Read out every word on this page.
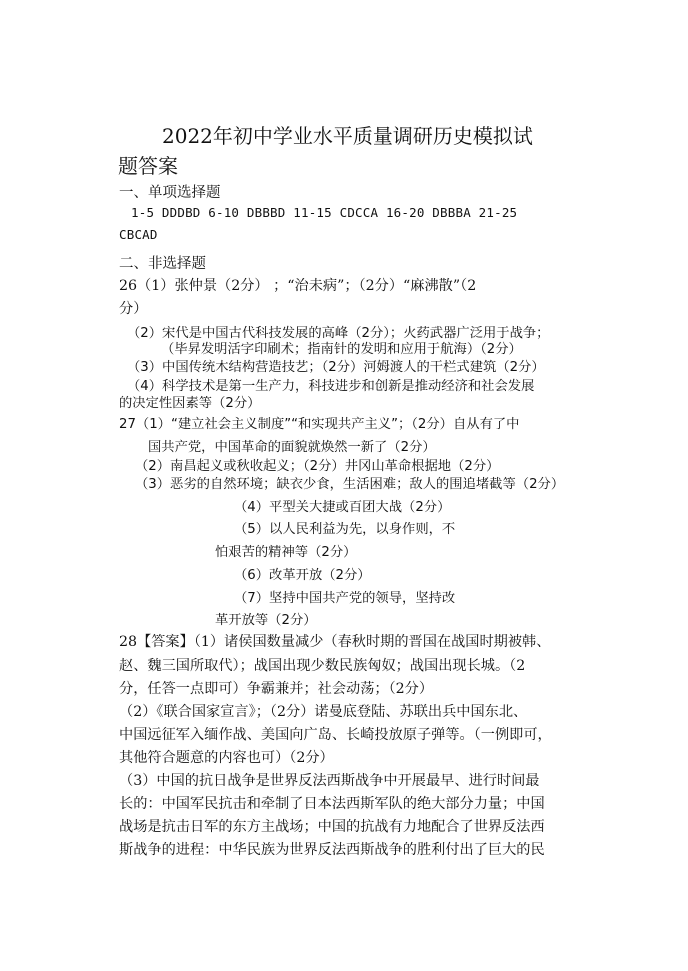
2022年初中学业水平质量调研历史模拟试
题答案
一、单项选择题
1-5 DDDBD 6-10 DBBBD 11-15 CDCCA 16-20 DBBBA 21-25
CBCAD
二、非选择题
26（1）张仲景（2分） ；“治未病”；（2分）“麻沸散”（2
分）
（2）宋代是中国古代科技发展的高峰（2分）；火药武器广泛用于战争；
（毕昇发明活字印刷术；指南针的发明和应用于航海）（2分）
（3）中国传统木结构营造技艺；（2分）河姆渡人的干栏式建筑（2分）
（4）科学技术是第一生产力，科技进步和创新是推动经济和社会发展
的决定性因素等（2分）
27（1）“建立社会主义制度”“和实现共产主义”；（2分）自从有了中
国共产党，中国革命的面貌就焕然一新了（2分）
（2）南昌起义或秋收起义；（2分）井冈山革命根据地（2分）
（3）恶劣的自然环境；缺衣少食，生活困难；敌人的围追堵截等（2分）
（4）平型关大捷或百团大战（2分）
（5）以人民利益为先，以身作则，不
怕艰苦的精神等（2分）
（6）改革开放（2分）
（7）坚持中国共产党的领导，坚持改
革开放等（2分）
28【答案】（1）诸侯国数量减少（春秋时期的晋国在战国时期被韩、
赵、魏三国所取代）；战国出现少数民族匈奴；战国出现长城。（2
分，任答一点即可）争霸兼并；社会动荡；（2分）
（2）《联合国家宣言》；（2分）诺曼底登陆、苏联出兵中国东北、
中国远征军入缅作战、美国向广岛、长崎投放原子弹等。（一例即可，
其他符合题意的内容也可）（2分）
（3）中国的抗日战争是世界反法西斯战争中开展最早、进行时间最
长的：中国军民抗击和牵制了日本法西斯军队的绝大部分力量；中国
战场是抗击日军的东方主战场；中国的抗战有力地配合了世界反法西
斯战争的进程：中华民族为世界反法西斯战争的胜利付出了巨大的民
